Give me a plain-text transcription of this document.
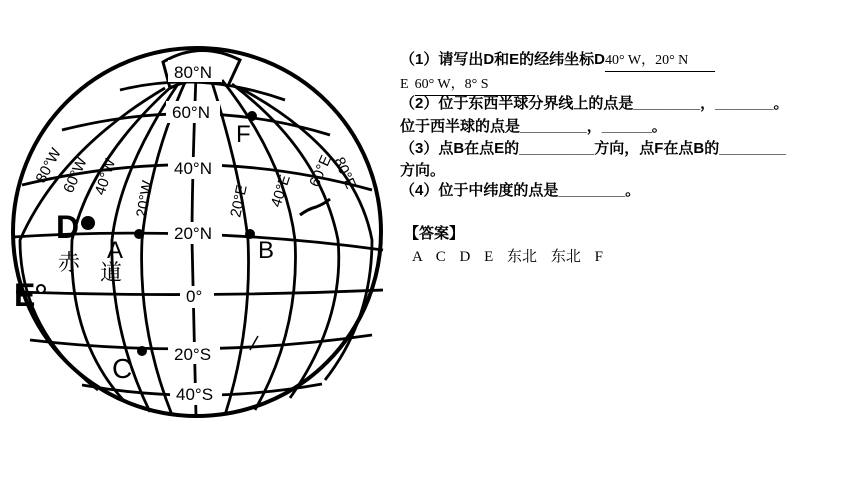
80°N
60°N
40°N
20°N
0°
20°S
40°S
80°W
60°W 40°W
20°W	20°E 40°E
60°E
80°E
A	B
C
D
E
F
赤 道
（1）请写出D和E的经纬坐标D40° W，20° N
E 60° W，8° S
（2）位于东西半球分界线上的点是________，_______。
位于西半球的点是________，______。
（3）点B在点E的_________方向，点F在点B的________
方向。
（4）位于中纬度的点是________。
【答案】
A C D E 东北 东北 F
